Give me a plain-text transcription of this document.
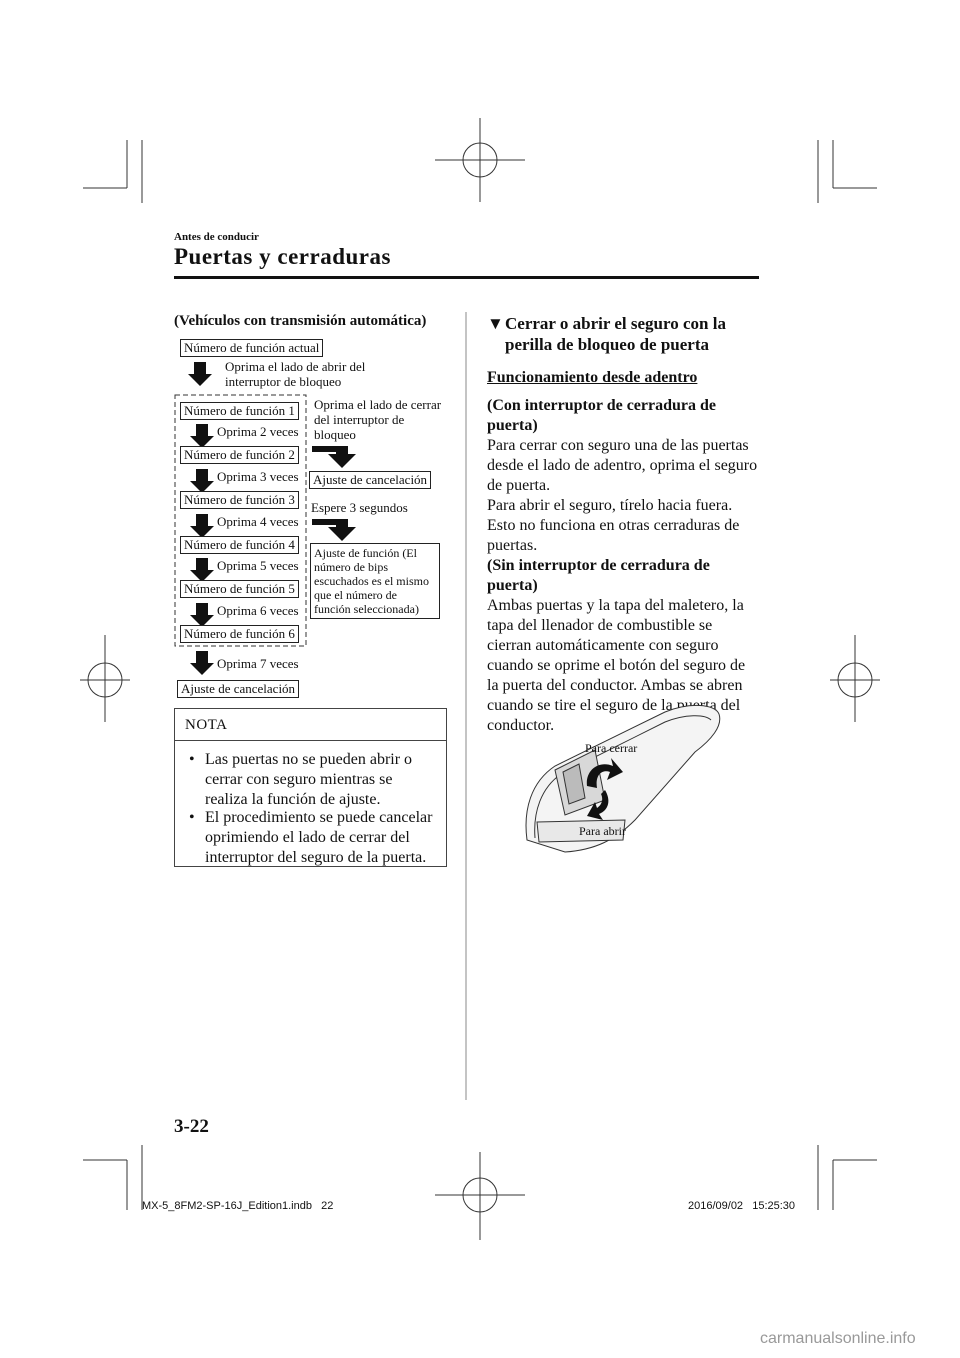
Antes de conducir
Puertas y cerraduras
(Vehículos con transmisión automática)
Número de función actual
Oprima el lado de abrir del interruptor de bloqueo
Número de función 1
Oprima 2 veces
Número de función 2
Oprima 3 veces
Número de función 3
Oprima 4 veces
Número de función 4
Oprima 5 veces
Número de función 5
Oprima 6 veces
Número de función 6
Oprima 7 veces
Ajuste de cancelación
Oprima el lado de cerrar del interruptor de bloqueo
Ajuste de cancelación
Espere 3 segundos
Ajuste de función (El número de bips escuchados es el mismo que el número de función seleccionada)
NOTA
• Las puertas no se pueden abrir o cerrar con seguro mientras se realiza la función de ajuste.
• El procedimiento se puede cancelar oprimiendo el lado de cerrar del interruptor del seguro de la puerta.
▼ Cerrar o abrir el seguro con la perilla de bloqueo de puerta
Funcionamiento desde adentro
(Con interruptor de cerradura de puerta)
Para cerrar con seguro una de las puertas desde el lado de adentro, oprima el seguro de puerta.
Para abrir el seguro, tírelo hacia fuera.
Esto no funciona en otras cerraduras de puertas.
(Sin interruptor de cerradura de puerta)
Ambas puertas y la tapa del maletero, la tapa del llenador de combustible se cierran automáticamente con seguro cuando se oprime el botón del seguro de la puerta del conductor. Ambas se abren cuando se tire el seguro de la puerta del conductor.
Para cerrar
Para abrir
3-22
MX-5_8FM2-SP-16J_Edition1.indb   22	2016/09/02   15:25:30
carmanualsonline.info
